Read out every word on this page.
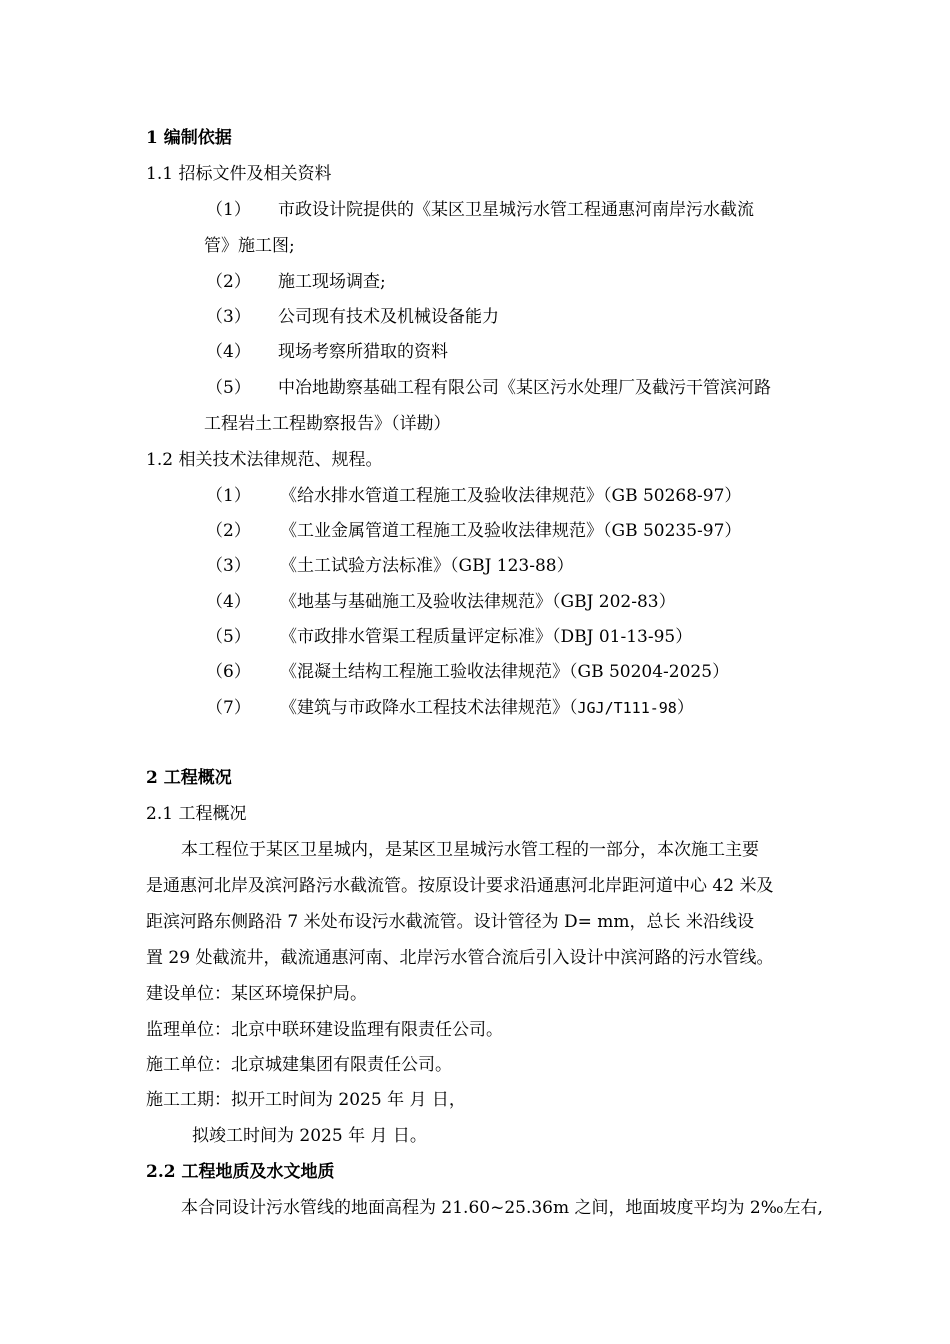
1 编制依据
1.1 招标文件及相关资料
（1） 市政设计院提供的《某区卫星城污水管工程通惠河南岸污水截流
管》施工图;
（2） 施工现场调查;
（3） 公司现有技术及机械设备能力
（4） 现场考察所猎取的资料
（5） 中冶地勘察基础工程有限公司《某区污水处理厂及截污干管滨河路
工程岩土工程勘察报告》（详勘）
1.2 相关技术法律规范、规程。
（1） 《给水排水管道工程施工及验收法律规范》（GB 50268-97）
（2） 《工业金属管道工程施工及验收法律规范》（GB 50235-97）
（3） 《土工试验方法标准》（GBJ 123-88）
（4） 《地基与基础施工及验收法律规范》（GBJ 202-83）
（5） 《市政排水管渠工程质量评定标准》（DBJ 01-13-95）
（6） 《混凝土结构工程施工验收法律规范》（GB 50204-2025）
（7） 《建筑与市政降水工程技术法律规范》（JGJ/T111-98）
2 工程概况
2.1 工程概况
本工程位于某区卫星城内，是某区卫星城污水管工程的一部分，本次施工主要
是通惠河北岸及滨河路污水截流管。按原设计要求沿通惠河北岸距河道中心 42 米及
距滨河路东侧路沿 7 米处布设污水截流管。设计管径为 D= mm，总长 米沿线设
置 29 处截流井，截流通惠河南、北岸污水管合流后引入设计中滨河路的污水管线。
建设单位：某区环境保护局。
监理单位：北京中联环建设监理有限责任公司。
施工单位：北京城建集团有限责任公司。
施工工期：拟开工时间为 2025 年 月 日，
拟竣工时间为 2025 年 月 日。
2.2 工程地质及水文地质
本合同设计污水管线的地面高程为 21.60~25.36m 之间，地面坡度平均为 2‰左右,
